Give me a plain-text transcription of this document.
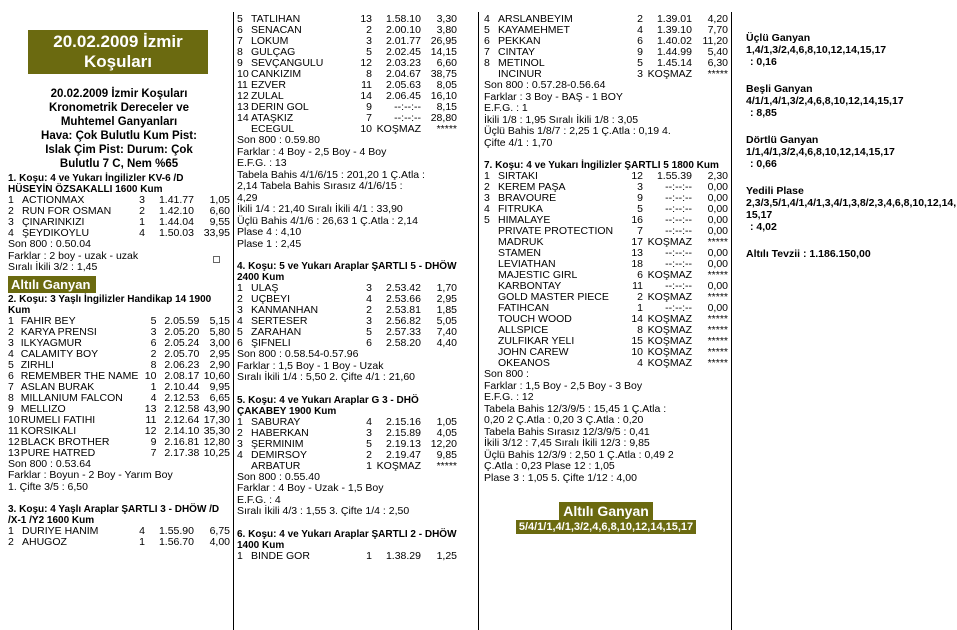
20.02.2009 İzmir
Koşuları
20.02.2009 İzmir Koşuları
Kronometrik Dereceler ve
Muhtemel Ganyanları
Hava: Çok Bulutlu Kum Pist:
Islak Çim Pist: Durum: Çok
Bulutlu 7 C, Nem %65
1. Koşu: 4 ve Yukarı İngilizler KV-6 /D HÜSEYİN ÖZSAKALLI 1600 Kum
1	ACTIONMAX	3	1.41.77	1,05
2	RUN FOR OSMAN	2	1.42.10	6,60
3	ÇINARINKIZI	1	1.44.04	9,55
4	ŞEYDIKOYLU	4	1.50.03	33,95
Son 800 : 0.50.04
Farklar : 2 boy - uzak - uzak
Sıralı İkili 3/2 : 1,45
Altılı Ganyan
2. Koşu: 3 Yaşlı İngilizler Handikap 14 1900 Kum
1	FAHIR BEY	5	2.05.59	5,15
2	KARYA PRENSI	3	2.05.20	5,80
3	ILKYAGMUR	6	2.05.24	3,00
4	CALAMITY BOY	2	2.05.70	2,95
5	ZIRHLI	8	2.06.23	2,90
6	REMEMBER THE NAME	10	2.08.17	10,60
7	ASLAN BURAK	1	2.10.44	9,95
8	MILLANIUM FALCON	4	2.12.53	6,65
9	MELLIZO	13	2.12.58	43,90
10	RUMELI FATIHI	11	2.12.64	17,30
11	KORSIKALI	12	2.14.10	35,30
12	BLACK BROTHER	9	2.16.81	12,80
13	PURE HATRED	7	2.17.38	10,25
Son 800 : 0.53.64
Farklar : Boyun - 2 Boy - Yarım Boy
1. Çifte 3/5 : 6,50
3. Koşu: 4 Yaşlı Araplar ŞARTLI 3 - DHÖW /D /X-1 /Y2 1600 Kum
1	DURIYE HANIM	4	1.55.90	6,75
2	AHUGOZ	1	1.56.70	4,00
5	TATLIHAN	13	1.58.10	3,30
6	SENACAN	2	2.00.10	3,80
7	LOKUM	3	2.01.77	26,95
8	GULÇAG	5	2.02.45	14,15
9	SEVÇANGULU	12	2.03.23	6,60
10	CANKIZIM	8	2.04.67	38,75
11	EZVER	11	2.05.63	8,05
12	ZULAL	14	2.06.45	16,10
13	DERIN GOL	9	--:--:--	8,15
14	ATAŞKIZ	7	--:--:--	28,80
	ECEGUL	10	KOŞMAZ	*****
Son 800 : 0.59.80
Farklar : 4 Boy - 2,5 Boy - 4 Boy
E.F.G. : 13
Tabela Bahis 4/1/6/15 : 201,20 1 Ç.Atla :
2,14 Tabela Bahis Sırasız 4/1/6/15 :
4,29
İkili 1/4 : 21,40 Sıralı İkili 4/1 : 33,90
Üçlü Bahis 4/1/6 : 26,63 1 Ç.Atla : 2,14
Plase 4 : 4,10
Plase 1 : 2,45
4. Koşu: 5 ve Yukarı Araplar ŞARTLI 5 - DHÖW 2400 Kum
1	ULAŞ	3	2.53.42	1,70
2	UÇBEYI	4	2.53.66	2,95
3	KANMANHAN	2	2.53.81	1,85
4	SERTESER	3	2.56.82	5,05
5	ZARAHAN	5	2.57.33	7,40
6	ŞIFNELI	6	2.58.20	4,40
Son 800 : 0.58.54-0.57.96
Farklar : 1,5 Boy - 1 Boy - Uzak
Sıralı İkili 1/4 : 5,50 2. Çifte 4/1 : 21,60
5. Koşu: 4 ve Yukarı Araplar G 3 - DHÖ ÇAKABEY 1900 Kum
1	SABURAY	4	2.15.16	1,05
2	HABERKAN	3	2.15.89	4,05
3	ŞERMINIM	5	2.19.13	12,20
4	DEMIRSOY	2	2.19.47	9,85
	ARBATUR	1	KOŞMAZ	*****
Son 800 : 0.55.40
Farklar : 4 Boy - Uzak - 1,5 Boy
E.F.G. : 4
Sıralı İkili 4/3 : 1,55 3. Çifte 1/4 : 2,50
6. Koşu: 4 ve Yukarı Araplar ŞARTLI 2 - DHÖW 1400 Kum
1	BINDE GOR	1	1.38.29	1,25
4	ARSLANBEYIM	2	1.39.01	4,20
5	KAYAMEHMET	4	1.39.10	7,70
6	PEKKAN	6	1.40.02	11,20
7	CINTAY	9	1.44.99	5,40
8	METINOL	5	1.45.14	6,30
	INCINUR	3	KOŞMAZ	*****
Son 800 : 0.57.28-0.56.64
Farklar : 3 Boy - BAŞ - 1 BOY
E.F.G. : 1
İkili 1/8 : 1,95 Sıralı İkili 1/8 : 3,05
Üçlü Bahis 1/8/7 : 2,25 1 Ç.Atla : 0,19 4.
Çifte 4/1 : 1,70
7. Koşu: 4 ve Yukarı İngilizler ŞARTLI 5 1800 Kum
1	SIRTAKI	12	1.55.39	2,30
2	KEREM PAŞA	3	--:--:--	0,00
3	BRAVOURE	9	--:--:--	0,00
4	FITRUKA	5	--:--:--	0,00
5	HIMALAYE	16	--:--:--	0,00
	PRIVATE PROTECTION	7	--:--:--	0,00
	MADRUK	17	KOŞMAZ	*****
	STAMEN	13	--:--:--	0,00
	LEVIATHAN	18	--:--:--	0,00
	MAJESTIC GIRL	6	KOŞMAZ	*****
	KARBONTAY	11	--:--:--	0,00
	GOLD MASTER PIECE	2	KOŞMAZ	*****
	FATIHCAN	1	--:--:--	0,00
	TOUCH WOOD	14	KOŞMAZ	*****
	ALLSPICE	8	KOŞMAZ	*****
	ZULFIKAR YELI	15	KOŞMAZ	*****
	JOHN CAREW	10	KOŞMAZ	*****
	OKEANOS	4	KOŞMAZ	*****
Son 800 :
Farklar : 1,5 Boy - 2,5 Boy - 3 Boy
E.F.G. : 12
Tabela Bahis 12/3/9/5 : 15,45 1 Ç.Atla :
0,20 2 Ç.Atla : 0,20 3 Ç.Atla : 0,20
Tabela Bahis Sırasız 12/3/9/5 : 0,41
İkili 3/12 : 7,45 Sıralı İkili 12/3 : 9,85
Üçlü Bahis 12/3/9 : 2,50 1 Ç.Atla : 0,49 2
Ç.Atla : 0,23 Plase 12 : 1,05
Plase 3 : 1,05 5. Çifte 1/12 : 4,00
Altılı Ganyan
5/4/1/1,4/1,3/2,4,6,8,10,12,14,15,17
Üçlü Ganyan
1,4/1,3/2,4,6,8,10,12,14,15,17
: 0,16
Beşli Ganyan
4/1/1,4/1,3/2,4,6,8,10,12,14,15,17
: 8,85
Dörtlü Ganyan
1/1,4/1,3/2,4,6,8,10,12,14,15,17
: 0,66
Yedili Plase
2,3/3,5/1,4/1,4/1,3,4/1,3,8/2,3,4,6,8,10,12,14,15,17
: 4,02
Altılı Tevzii : 1.186.150,00
